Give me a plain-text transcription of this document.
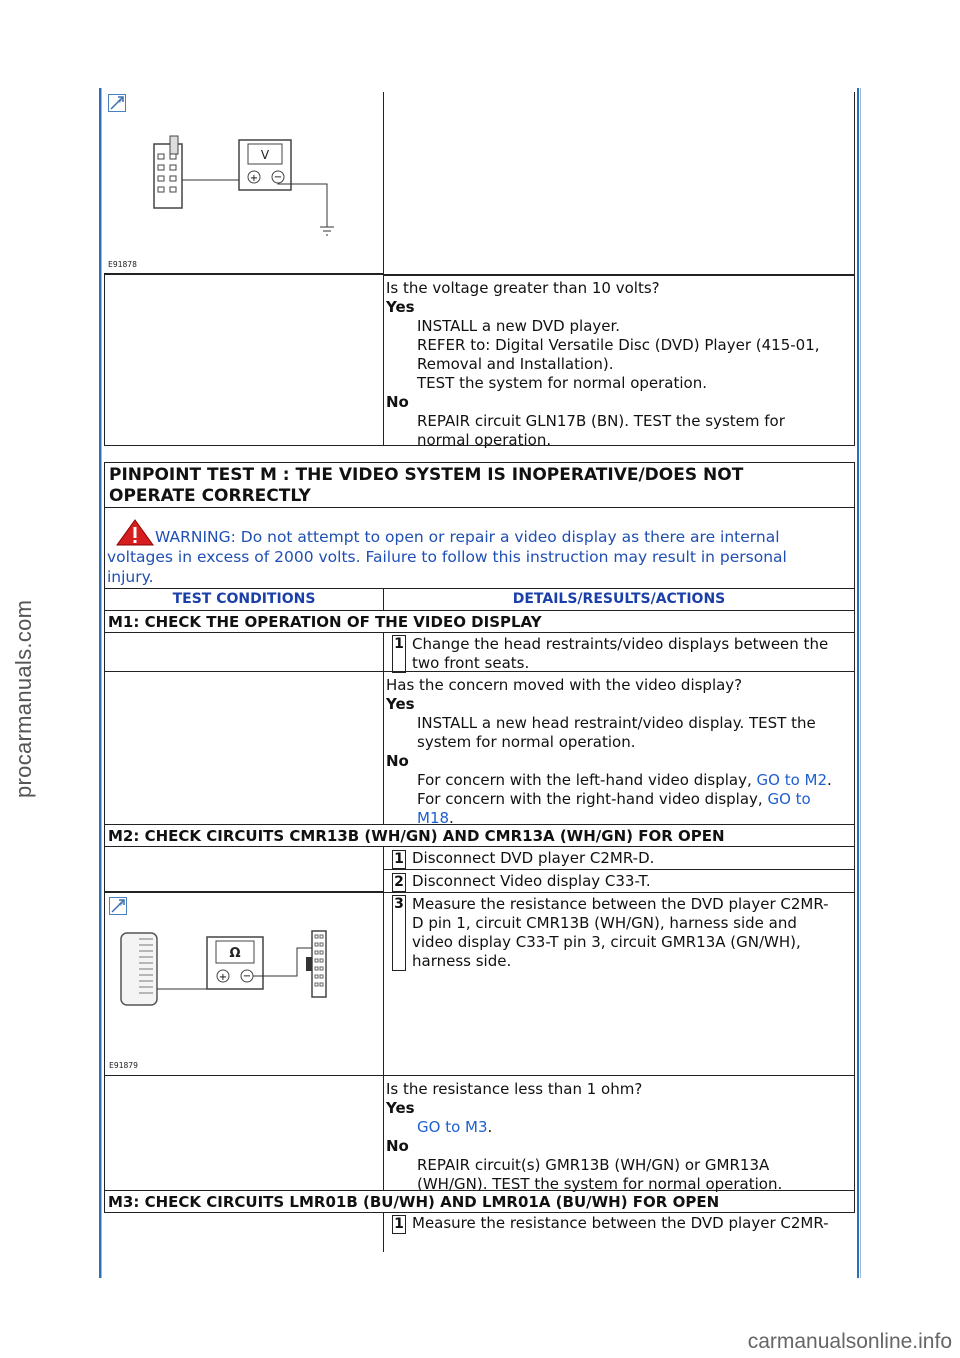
procarmanuals.com
carmanualsonline.info
+
V
+ −
E91878
Is the voltage greater than 10 volts?
Yes
INSTALL a new DVD player.
REFER to: Digital Versatile Disc (DVD) Player (415-01,
Removal and Installation).
TEST the system for normal operation.
No
REPAIR circuit GLN17B (BN). TEST the system for
normal operation.
PINPOINT TEST M : THE VIDEO SYSTEM IS INOPERATIVE/DOES NOT
OPERATE CORRECTLY
WARNING: Do not attempt to open or repair a video display as there are internal
voltages in excess of 2000 volts. Failure to follow this instruction may result in personal
injury.
TEST CONDITIONS	DETAILS/RESULTS/ACTIONS
M1: CHECK THE OPERATION OF THE VIDEO DISPLAY
1 Change the head restraints/video displays between the
two front seats.
Has the concern moved with the video display?
Yes
INSTALL a new head restraint/video display. TEST the
system for normal operation.
No
For concern with the left-hand video display, GO to M2.
For concern with the right-hand video display, GO to
M18.
M2: CHECK CIRCUITS CMR13B (WH/GN) AND CMR13A (WH/GN) FOR OPEN
1 Disconnect DVD player C2MR-D.
2 Disconnect Video display C33-T.
+
Ω
+ −
E91879
3 Measure the resistance between the DVD player C2MR-
D pin 1, circuit CMR13B (WH/GN), harness side and
video display C33-T pin 3, circuit GMR13A (GN/WH),
harness side.
Is the resistance less than 1 ohm?
Yes
GO to M3.
No
REPAIR circuit(s) GMR13B (WH/GN) or GMR13A
(WH/GN). TEST the system for normal operation.
M3: CHECK CIRCUITS LMR01B (BU/WH) AND LMR01A (BU/WH) FOR OPEN
1 Measure the resistance between the DVD player C2MR-
